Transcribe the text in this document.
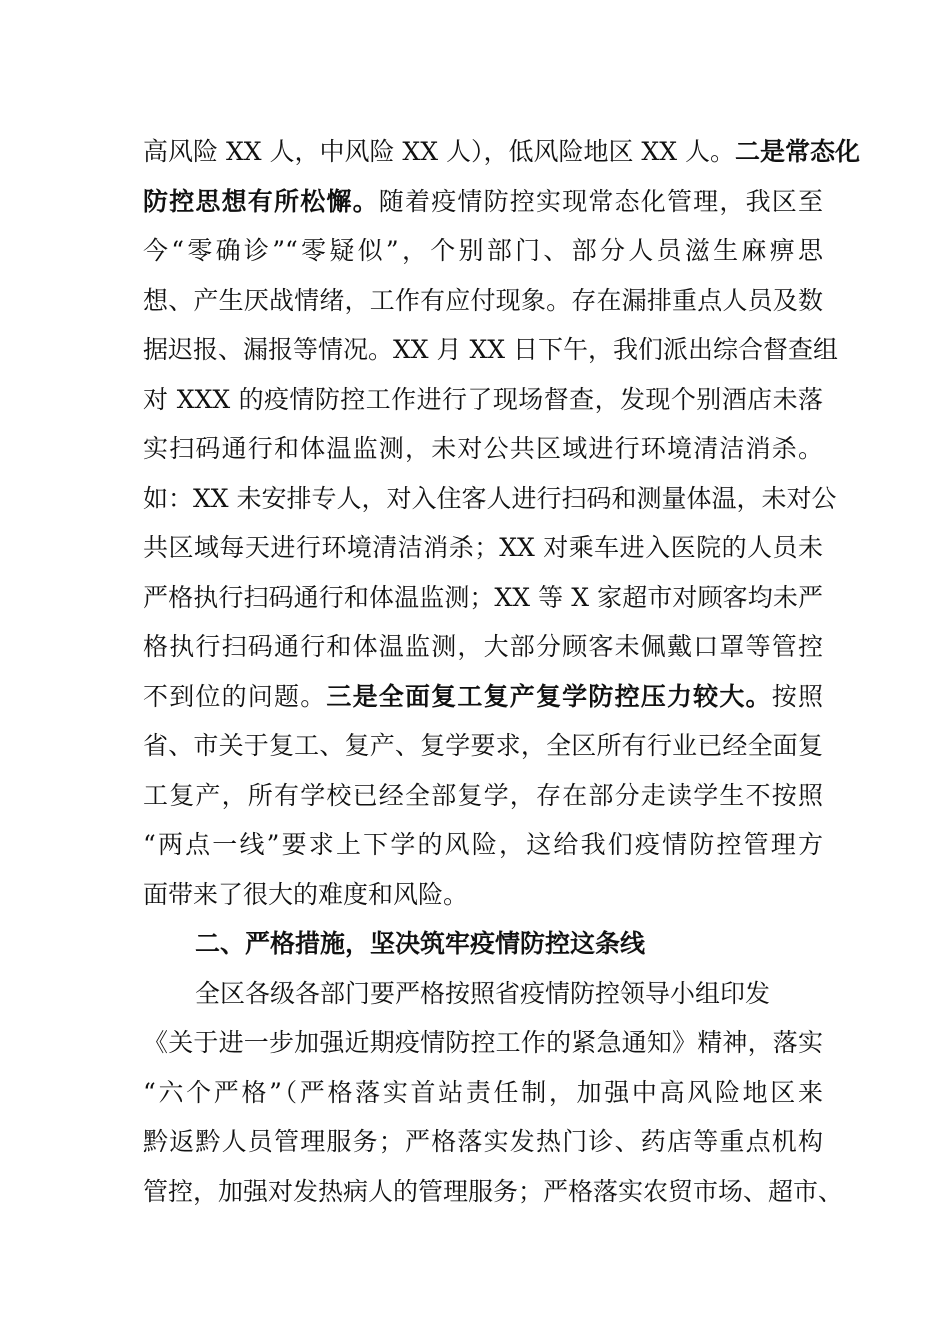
高风险 XX 人，中风险 XX 人），低风险地区 XX 人。二是常态化
防控思想有所松懈。随着疫情防控实现常态化管理，我区至
今“零确诊”“零疑似”，个别部门、部分人员滋生麻痹思
想、产生厌战情绪，工作有应付现象。存在漏排重点人员及数
据迟报、漏报等情况。XX 月 XX 日下午，我们派出综合督查组
对 XXX 的疫情防控工作进行了现场督查，发现个别酒店未落
实扫码通行和体温监测，未对公共区域进行环境清洁消杀。
如：XX 未安排专人，对入住客人进行扫码和测量体温，未对公
共区域每天进行环境清洁消杀；XX 对乘车进入医院的人员未
严格执行扫码通行和体温监测；XX 等 X 家超市对顾客均未严
格执行扫码通行和体温监测，大部分顾客未佩戴口罩等管控
不到位的问题。三是全面复工复产复学防控压力较大。按照
省、市关于复工、复产、复学要求，全区所有行业已经全面复
工复产，所有学校已经全部复学，存在部分走读学生不按照
“两点一线”要求上下学的风险，这给我们疫情防控管理方
面带来了很大的难度和风险。
二、严格措施，坚决筑牢疫情防控这条线
全区各级各部门要严格按照省疫情防控领导小组印发
《关于进一步加强近期疫情防控工作的紧急通知》精神，落实
“六个严格”（严格落实首站责任制，加强中高风险地区来
黔返黔人员管理服务；严格落实发热门诊、药店等重点机构
管控，加强对发热病人的管理服务；严格落实农贸市场、超市、
